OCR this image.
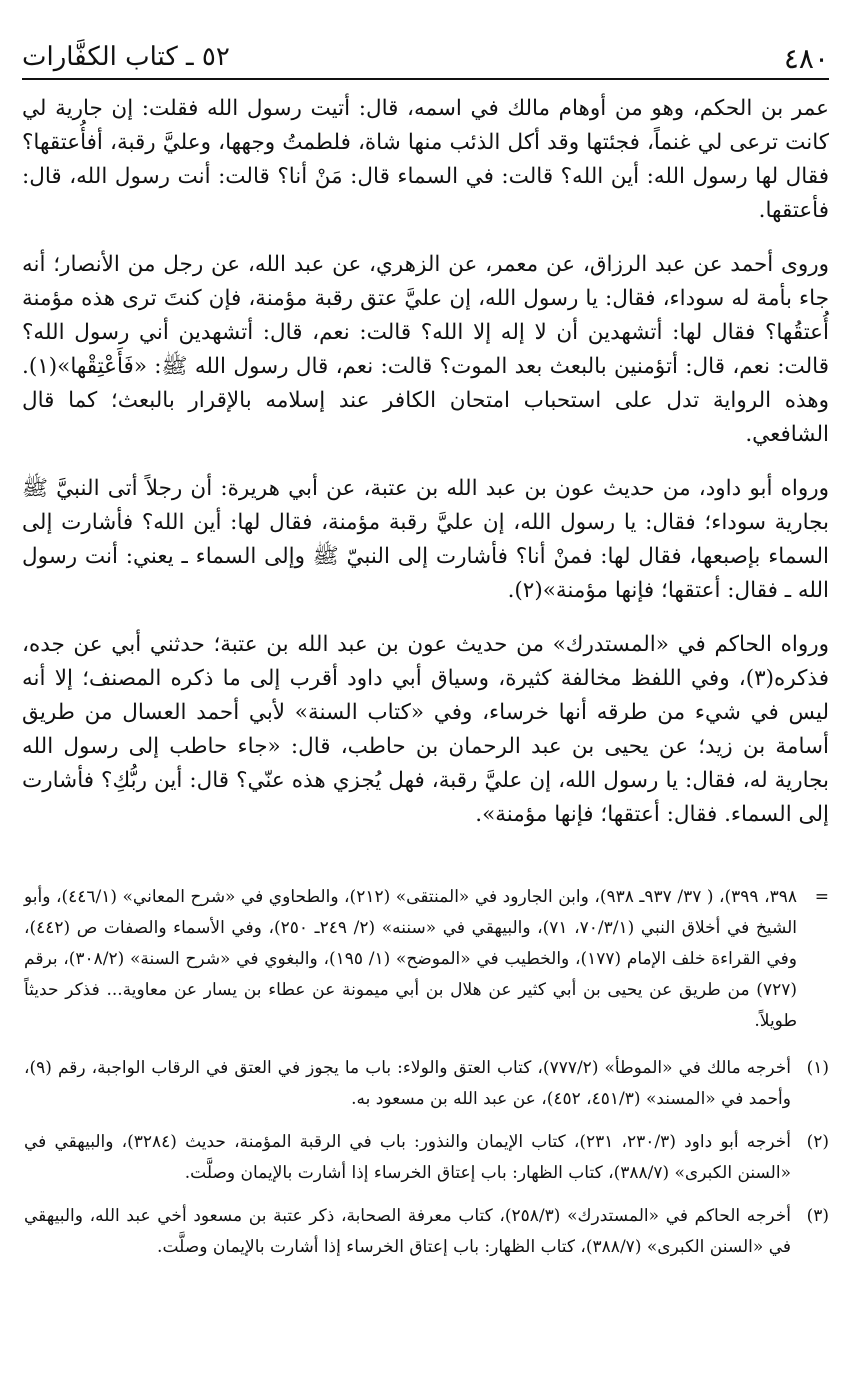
٥٢ ـ كتاب الكفَّارات	٤٨٠

عمر بن الحكم، وهو من أوهام مالك في اسمه، قال: أتيت رسول الله فقلت: إن جارية لي كانت ترعى لي غنماً، فجئتها وقد أكل الذئب منها شاة، فلطمتُ وجهها، وعليَّ رقبة، أفأُعتقها؟ فقال لها رسول الله: أين الله؟ قالت: في السماء قال: مَنْ أنا؟ قالت: أنت رسول الله، قال: فأعتقها.

وروى أحمد عن عبد الرزاق، عن معمر، عن الزهري، عن عبد الله، عن رجل من الأنصار؛ أنه جاء بأمة له سوداء، فقال: يا رسول الله، إن عليَّ عتق رقبة مؤمنة، فإن كنتَ ترى هذه مؤمنة أُعتقُها؟ فقال لها: أتشهدين أن لا إله إلا الله؟ قالت: نعم، قال: أتشهدين أني رسول الله؟ قالت: نعم، قال: أتؤمنين بالبعث بعد الموت؟ قالت: نعم، قال رسول الله ﷺ: «فَأَعْتِقْها»(١). وهذه الرواية تدل على استحباب امتحان الكافر عند إسلامه بالإقرار بالبعث؛ كما قال الشافعي.

ورواه أبو داود، من حديث عون بن عبد الله بن عتبة، عن أبي هريرة: أن رجلاً أتى النبيَّ ﷺ بجارية سوداء؛ فقال: يا رسول الله، إن عليَّ رقبة مؤمنة، فقال لها: أين الله؟ فأشارت إلى السماء بإصبعها، فقال لها: فمنْ أنا؟ فأشارت إلى النبيّ ﷺ وإلى السماء ـ يعني: أنت رسول الله ـ فقال: أعتقها؛ فإنها مؤمنة»(٢).

ورواه الحاكم في «المستدرك» من حديث عون بن عبد الله بن عتبة؛ حدثني أبي عن جده، فذكره(٣)، وفي اللفظ مخالفة كثيرة، وسياق أبي داود أقرب إلى ما ذكره المصنف؛ إلا أنه ليس في شيء من طرقه أنها خرساء، وفي «كتاب السنة» لأبي أحمد العسال من طريق أسامة بن زيد؛ عن يحيى بن عبد الرحمان بن حاطب، قال: «جاء حاطب إلى رسول الله بجارية له، فقال: يا رسول الله، إن عليَّ رقبة، فهل يُجزي هذه عنّي؟ قال: أين ربُّكِ؟ فأشارت إلى السماء. فقال: أعتقها؛ فإنها مؤمنة».

=
٣٩٨، ٣٩٩)، ( ٣٧/ ٩٣٧ـ ٩٣٨)، وابن الجارود في «المنتقى» (٢١٢)، والطحاوي في «شرح المعاني» (٤٤٦/١)، وأبو الشيخ في أخلاق النبي (٧٠/٣/١، ٧١)، والبيهقي في «سننه» (٢/ ٢٤٩ـ ٢٥٠)، وفي الأسماء والصفات ص (٤٤٢)، وفي القراءة خلف الإمام (١٧٧)، والخطيب في «الموضح» (١/ ١٩٥)، والبغوي في «شرح السنة» (٣٠٨/٢)، برقم (٧٢٧) من طريق عن يحيى بن أبي كثير عن هلال بن أبي ميمونة عن عطاء بن يسار عن معاوية... فذكر حديثاً طويلاً.
(١)
أخرجه مالك في «الموطأ» (٧٧٧/٢)، كتاب العتق والولاء: باب ما يجوز في العتق في الرقاب الواجبة، رقم (٩)، وأحمد في «المسند» (٤٥١/٣، ٤٥٢)، عن عبد الله بن مسعود به.
(٢)
أخرجه أبو داود (٢٣٠/٣، ٢٣١)، كتاب الإيمان والنذور: باب في الرقبة المؤمنة، حديث (٣٢٨٤)، والبيهقي في «السنن الكبرى» (٣٨٨/٧)، كتاب الظهار: باب إعتاق الخرساء إذا أشارت بالإيمان وصلَّت.
(٣)
أخرجه الحاكم في «المستدرك» (٢٥٨/٣)، كتاب معرفة الصحابة، ذكر عتبة بن مسعود أخي عبد الله، والبيهقي في «السنن الكبرى» (٣٨٨/٧)، كتاب الظهار: باب إعتاق الخرساء إذا أشارت بالإيمان وصلَّت.
